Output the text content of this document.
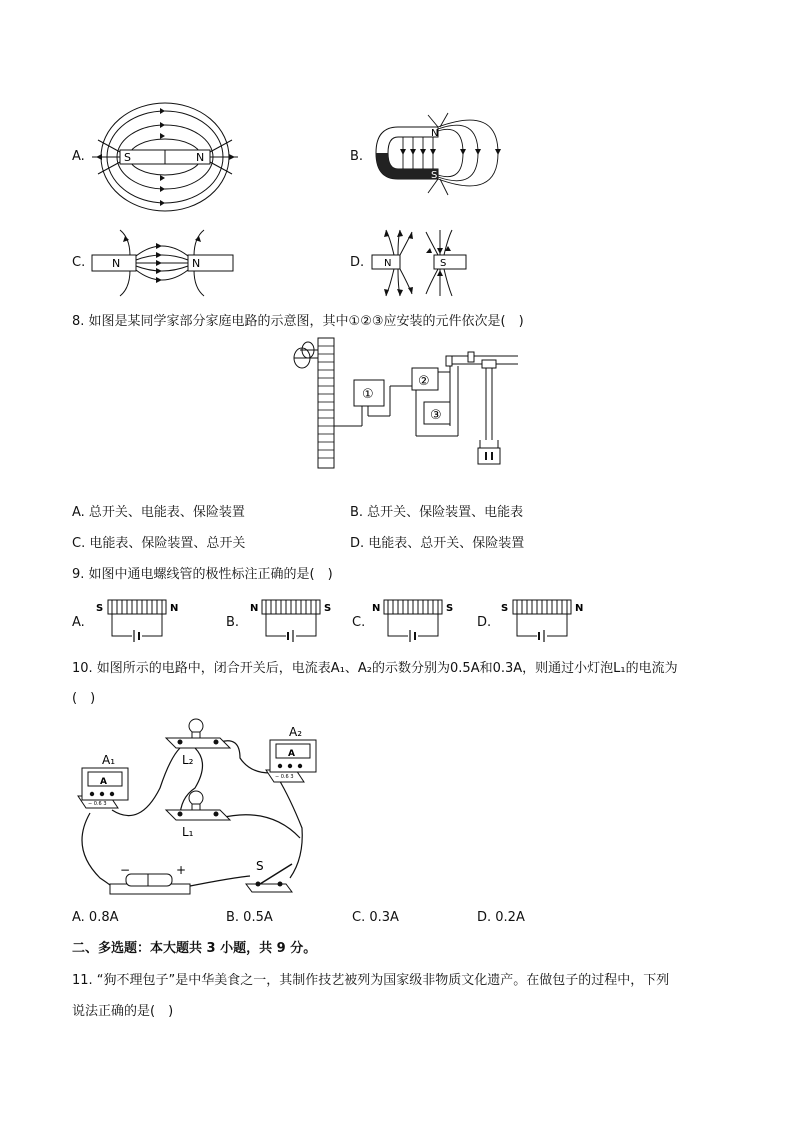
A.	S	N	B.
N
S
C. N	N	D. N	S
8. 如图是某同学家部分家庭电路的示意图，其中①②③应安装的元件依次是(　)
①
②
③
A. 总开关、电能表、保险装置	B. 总开关、保险装置、电能表
C. 电能表、保险装置、总开关	D. 电能表、总开关、保险装置
9. 如图中通电螺线管的极性标注正确的是(　)
A.
S	N
B.
N	S
C.
N	S
D.
S	N
10. 如图所示的电路中，闭合开关后，电流表A₁、A₂的示数分别为0.5A和0.3A，则通过小灯泡L₁的电流为
(　)
A
− 0.6 3
A₁	A
− 0.6 3
A₂
L₂
L₁
−	+	S
A. 0.8A	B. 0.5A	C. 0.3A	D. 0.2A
二、多选题：本大题共 3 小题，共 9 分。
11. “狗不理包子”是中华美食之一，其制作技艺被列为国家级非物质文化遗产。在做包子的过程中，下列
说法正确的是(　)
